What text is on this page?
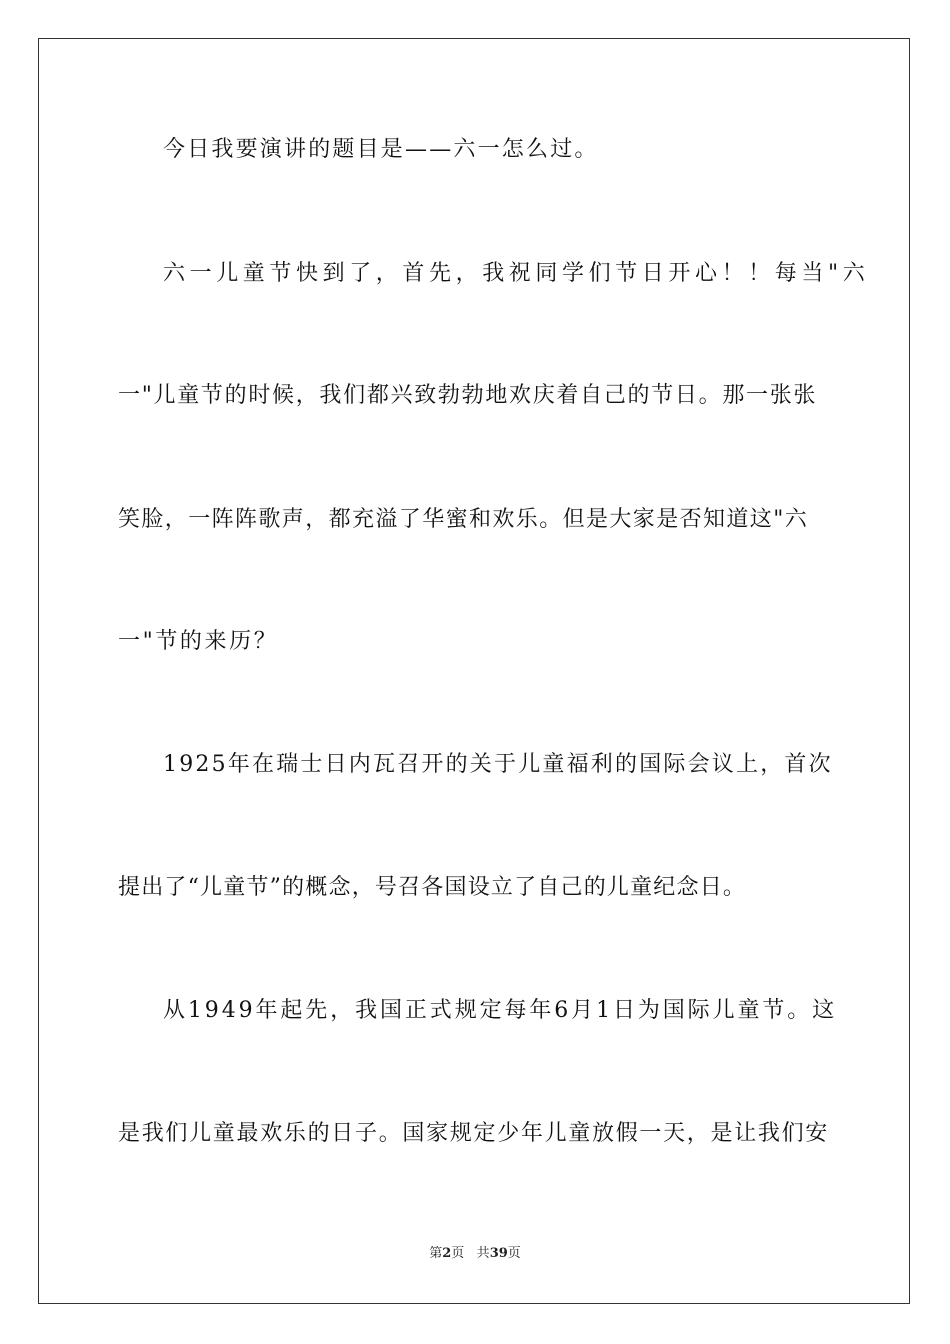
今日我要演讲的题目是——六一怎么过。
六一儿童节快到了，首先，我祝同学们节日开心！！每当"六
一"儿童节的时候，我们都兴致勃勃地欢庆着自己的节日。那一张张
笑脸，一阵阵歌声，都充溢了华蜜和欢乐。但是大家是否知道这"六
一"节的来历？
1925年在瑞士日内瓦召开的关于儿童福利的国际会议上，首次
提出了“儿童节”的概念，号召各国设立了自己的儿童纪念日。
从1949年起先，我国正式规定每年6月1日为国际儿童节。这
是我们儿童最欢乐的日子。国家规定少年儿童放假一天，是让我们安
第2页 共39页
